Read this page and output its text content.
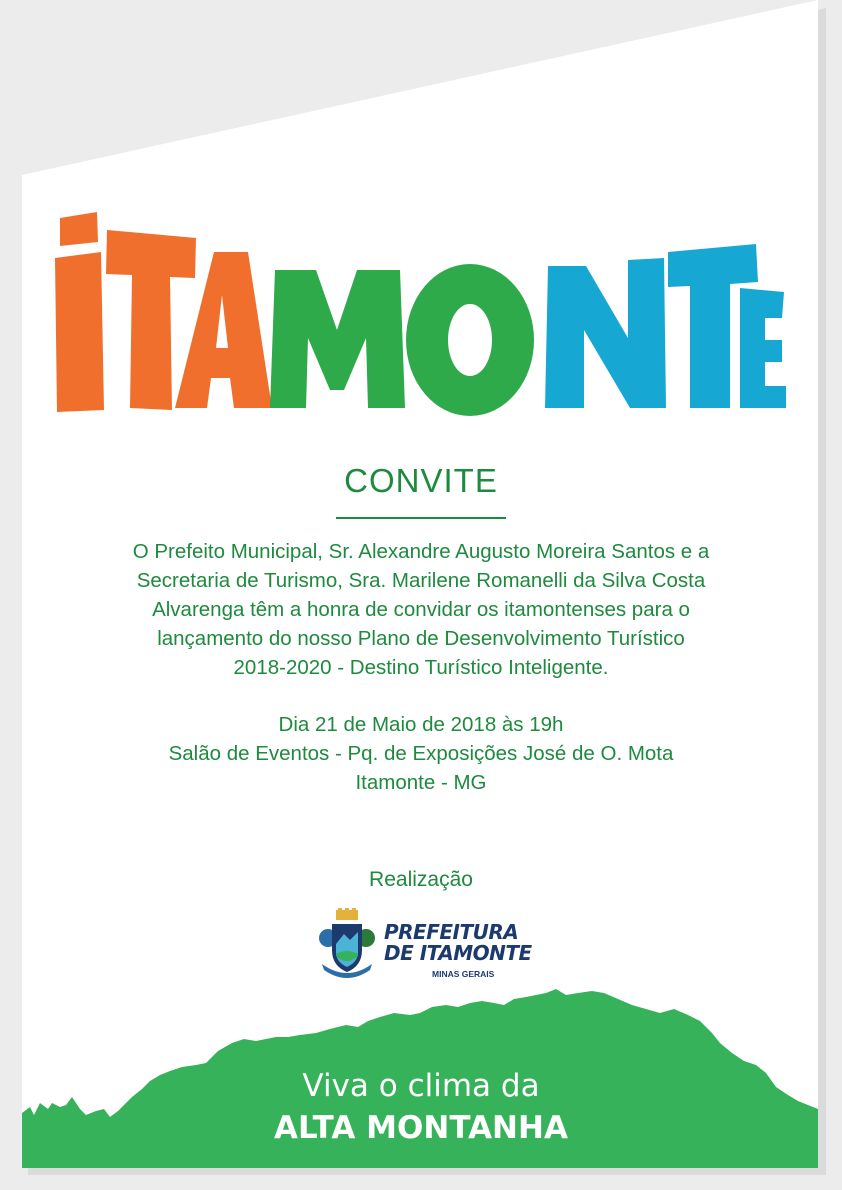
CONVITE
O Prefeito Municipal, Sr. Alexandre Augusto Moreira Santos e a
Secretaria de Turismo, Sra. Marilene Romanelli da Silva Costa
Alvarenga têm a honra de convidar os itamontenses para o
lançamento do nosso Plano de Desenvolvimento Turístico
2018-2020 - Destino Turístico Inteligente.
Dia 21 de Maio de 2018 às 19h
Salão de Eventos - Pq. de Exposições José de O. Mota
Itamonte - MG
Realização
PREFEITURA
DE ITAMONTE
MINAS GERAIS
Viva o clima da
ALTA MONTANHA
